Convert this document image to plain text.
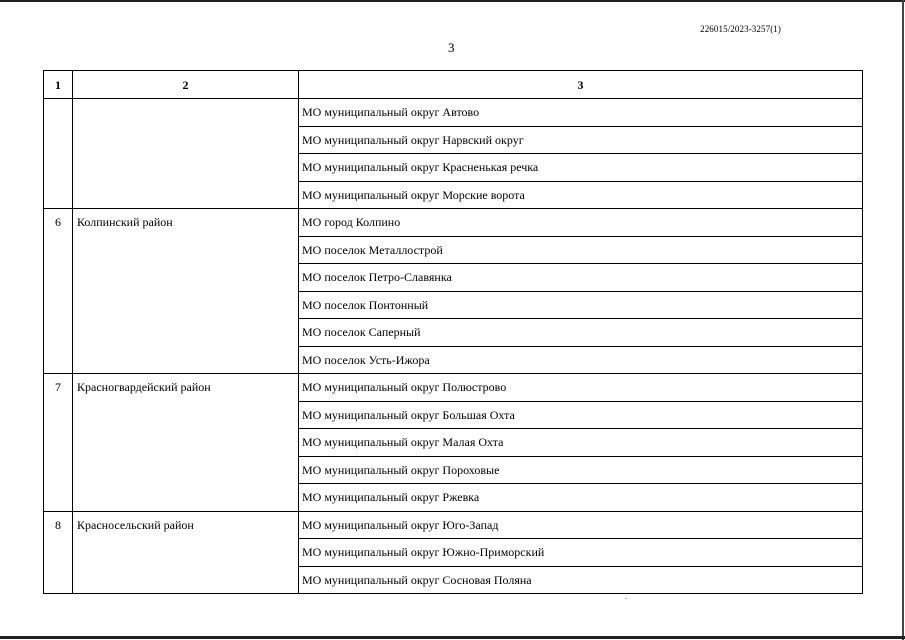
226015/2023-3257(1)
3
1	2	3
		МО муниципальный округ Автово
		МО муниципальный округ Нарвский округ
		МО муниципальный округ Красненькая речка
		МО муниципальный округ Морские ворота
6	Колпинский район	МО город Колпино
		МО поселок Металлострой
		МО поселок Петро-Славянка
		МО поселок Понтонный
		МО поселок Саперный
		МО поселок Усть-Ижора
7	Красногвардейский район	МО муниципальный округ Полюстрово
		МО муниципальный округ Большая Охта
		МО муниципальный округ Малая Охта
		МО муниципальный округ Пороховые
		МО муниципальный округ Ржевка
8	Красносельский район	МО муниципальный округ Юго-Запад
		МО муниципальный округ Южно-Приморский
		МО муниципальный округ Сосновая Поляна
